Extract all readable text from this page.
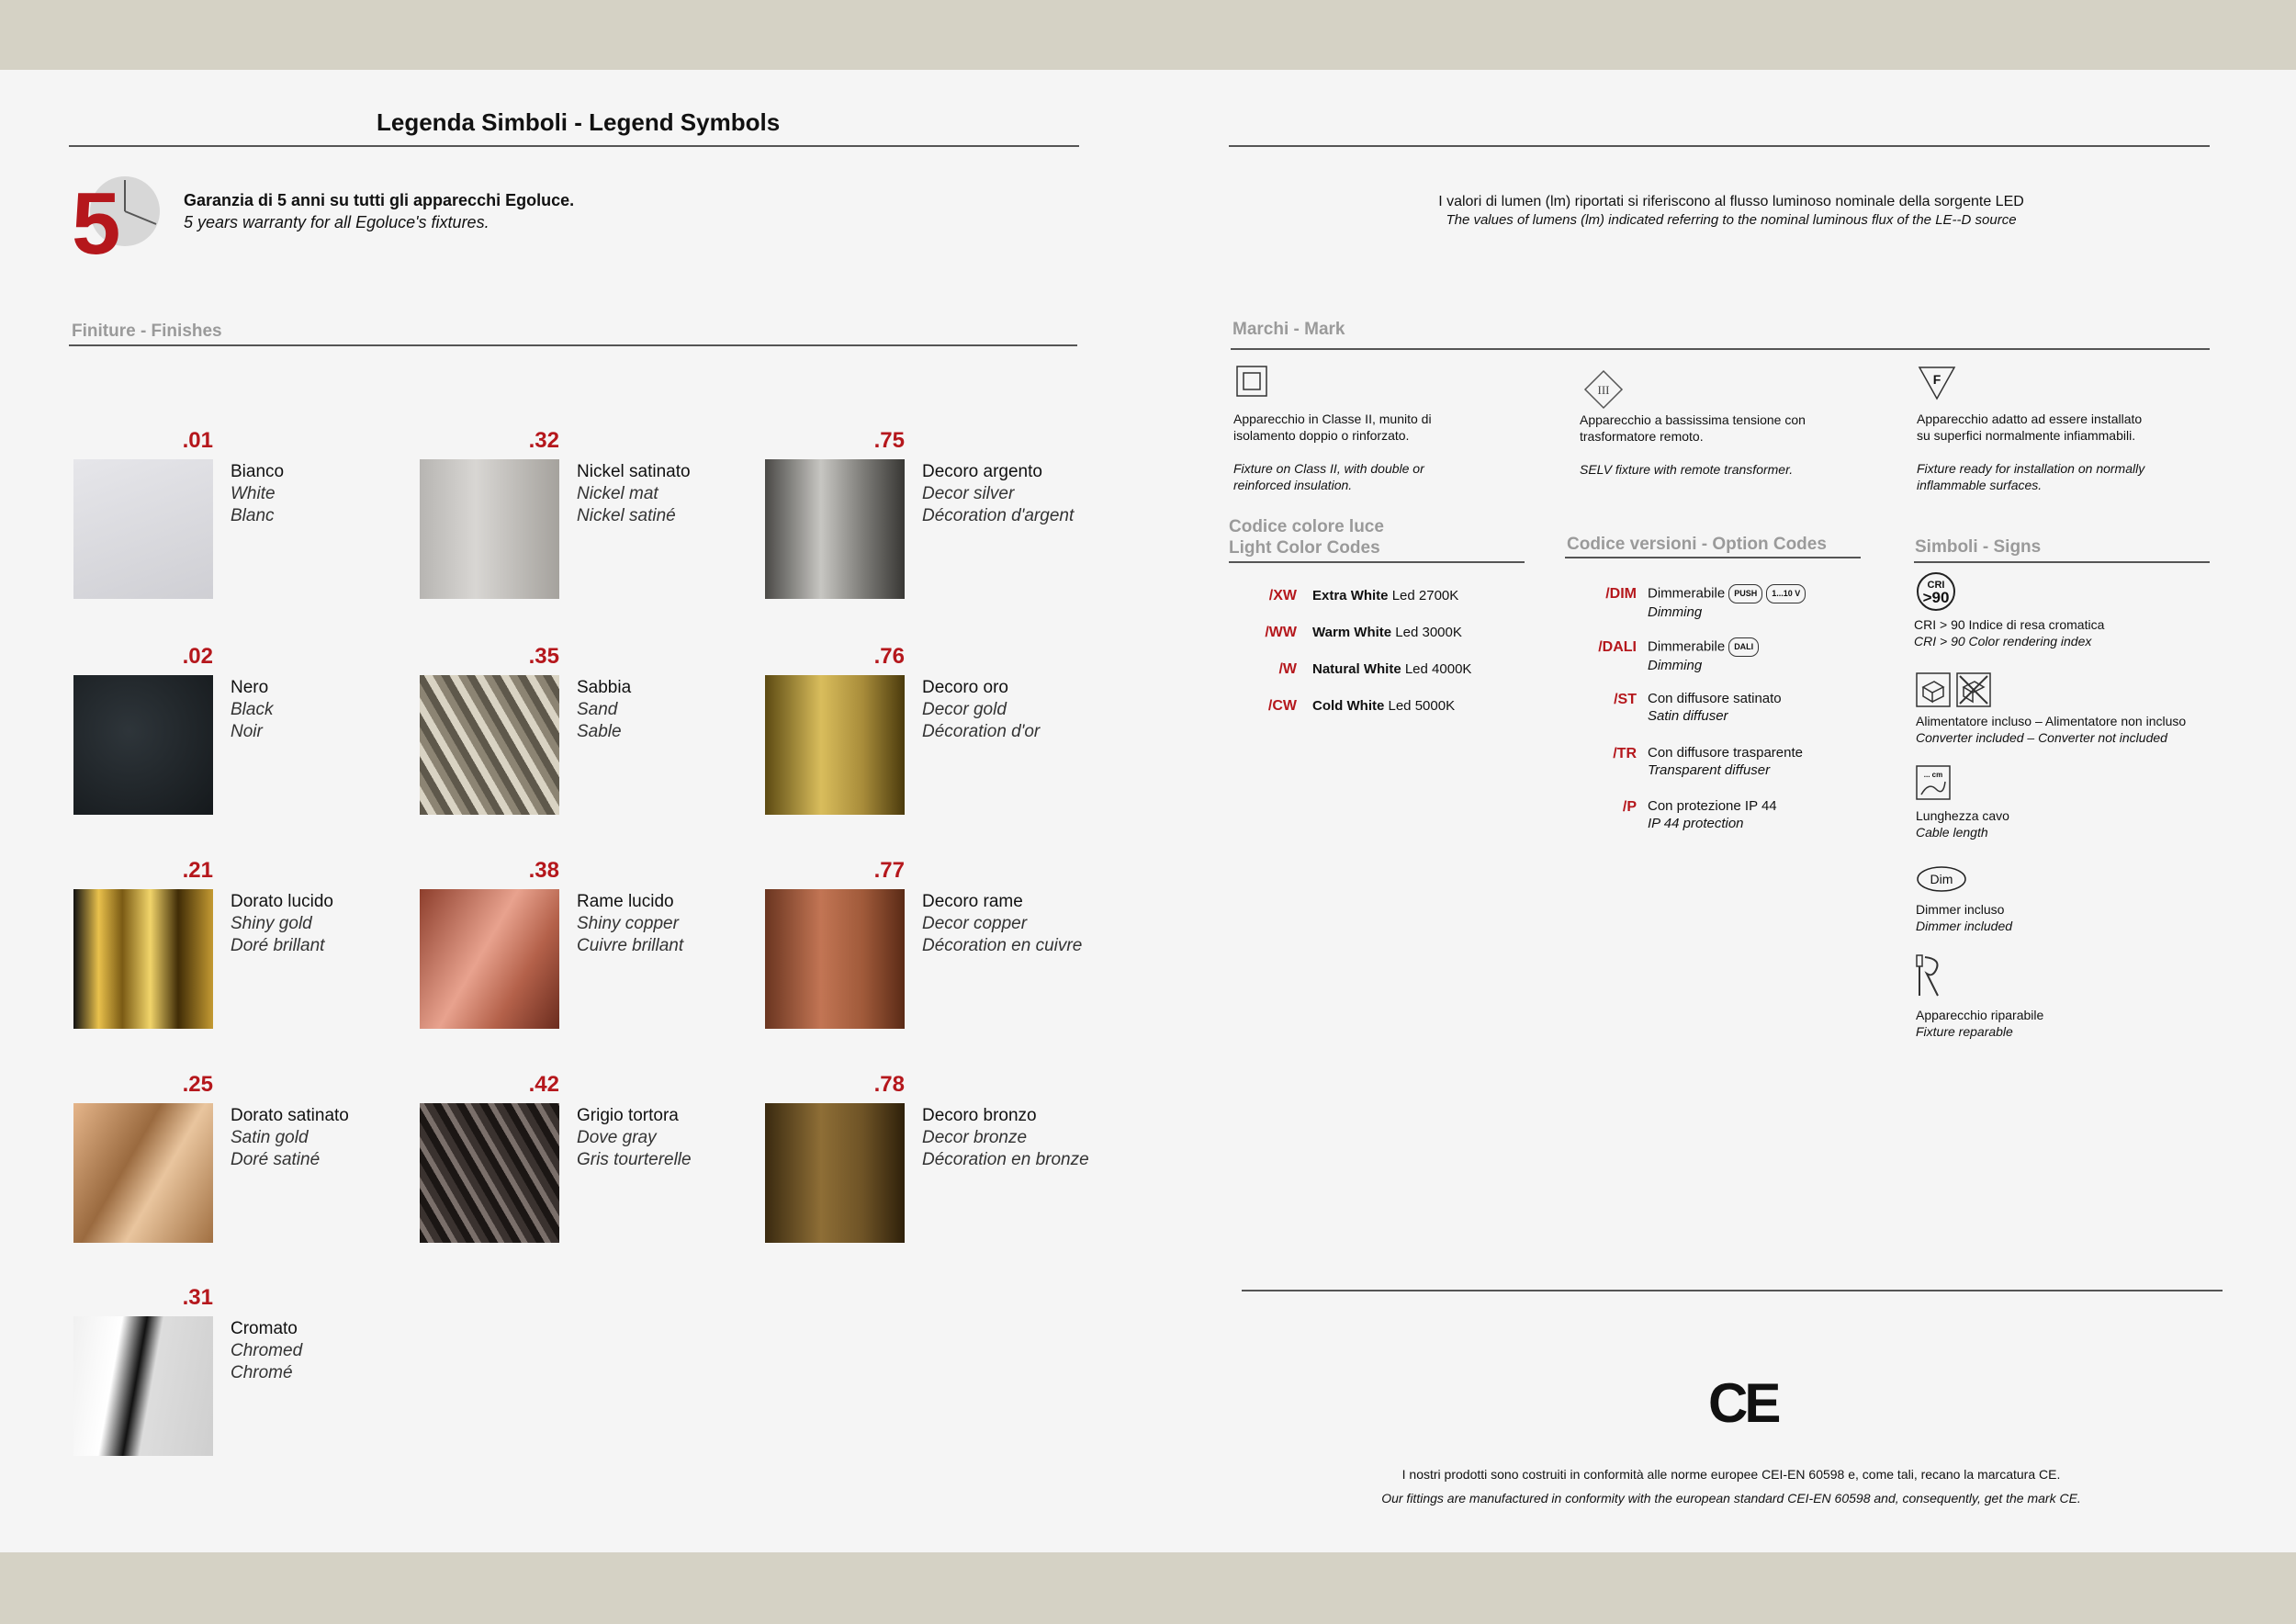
Legenda Simboli - Legend Symbols
5	Garanzia di 5 anni su tutti gli apparecchi Egoluce.
5 years warranty for all Egoluce's fixtures.
I valori di lumen (lm) riportati si riferiscono al flusso luminoso nominale della sorgente LED
The values of lumens (lm) indicated referring to the nominal luminous flux of the LE--D source
Finiture - Finishes
.01
Bianco
White
Blanc
.02
Nero
Black
Noir
.21
Dorato lucido
Shiny gold
Doré brillant
.25
Dorato satinato
Satin gold
Doré satiné
.31
Cromato
Chromed
Chromé
.32
Nickel satinato
Nickel mat
Nickel satiné
.35
Sabbia
Sand
Sable
.38
Rame lucido
Shiny copper
Cuivre brillant
.42
Grigio tortora
Dove gray
Gris tourterelle
.75
Decoro argento
Decor silver
Décoration d'argent
.76
Decoro oro
Decor gold
Décoration d'or
.77
Decoro rame
Decor copper
Décoration en cuivre
.78
Decoro bronzo
Decor bronze
Décoration en bronze
Marchi - Mark
Apparecchio in Classe II, munito di isolamento doppio o rinforzato.
Fixture on Class II, with double or reinforced insulation.
III
Apparecchio a bassissima tensione con trasformatore remoto.
SELV fixture with remote transformer.
F
Apparecchio adatto ad essere installato su superfici normalmente infiammabili.
Fixture ready for installation on normally inflammable surfaces.
Codice colore luce
Light Color Codes
/XW Extra White Led 2700K
/WW Warm White Led 3000K
/W Natural White Led 4000K
/CW Cold White Led 5000K
Codice versioni - Option Codes
/DIM Dimmerabile PUSH 1...10 V
Dimming
/DALI Dimmerabile DALI
Dimming
/ST Con diffusore satinato
Satin diffuser
/TR Con diffusore trasparente
Transparent diffuser
/P Con protezione IP 44
IP 44 protection
Simboli - Signs
CRI
>90
CRI > 90 Indice di resa cromatica
CRI > 90 Color rendering index
Alimentatore incluso – Alimentatore non incluso
Converter included – Converter not included
... cm
Lunghezza cavo
Cable length
Dim
Dimmer incluso
Dimmer included
Apparecchio riparabile
Fixture reparable
CE
I nostri prodotti sono costruiti in conformità alle norme europee CEI-EN 60598 e, come tali, recano la marcatura CE.
Our fittings are manufactured in conformity with the european standard CEI-EN 60598 and, consequently, get the mark CE.
